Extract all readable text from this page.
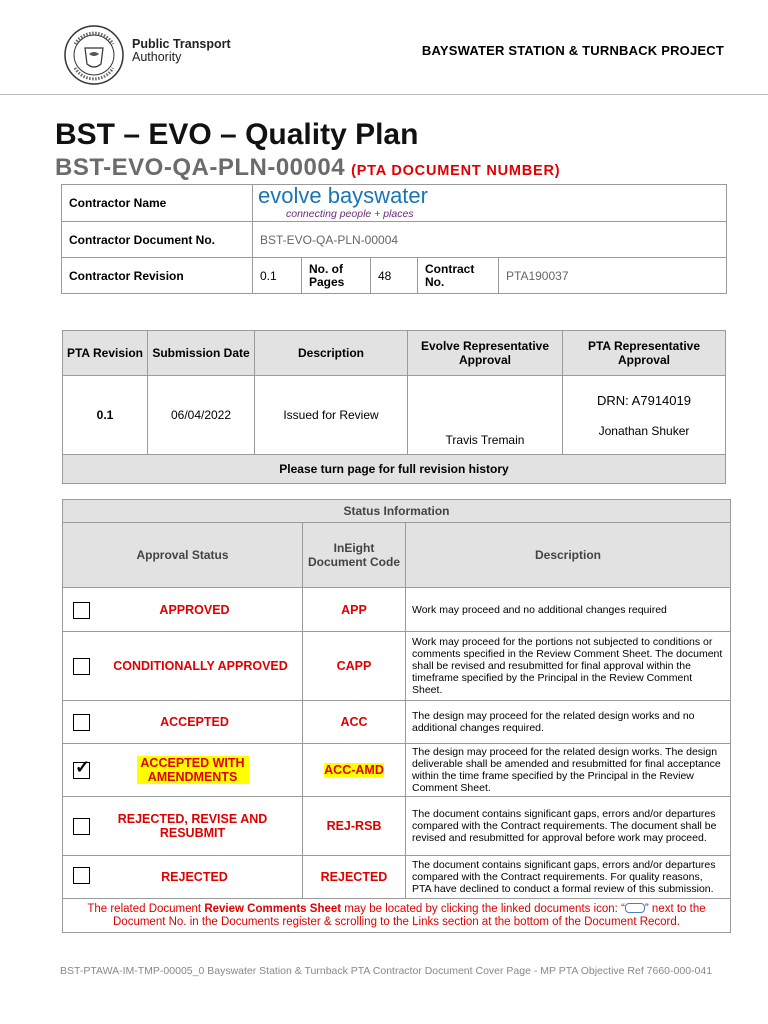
Public Transport
Authority	BAYSWATER STATION & TURNBACK PROJECT
BST – EVO – Quality Plan
BST-EVO-QA-PLN-00004 (PTA DOCUMENT NUMBER)
Contractor Name	evolve bayswater
connecting people + places				

Contractor Document No.	BST-EVO-QA-PLN-00004				
Contractor Revision	0.1	No. of Pages	48	Contract No.	PTA190037
PTA Revision	Submission Date	Description	Evolve Representative Approval	PTA Representative Approval
0.1	06/04/2022	Issued for Review	Travis Tremain	DRN: A7914019
Jonathan Shuker

Please turn page for full revision history				
Status Information		
Approval Status	InEight Document Code	Description

APPROVED	APP	Work may proceed and no additional changes required

CONDITIONALLY APPROVED	CAPP	Work may proceed for the portions not subjected to conditions or comments specified in the Review Comment Sheet. The document shall be revised and resubmitted for final approval within the timeframe specified by the Principal in the Review Comment Sheet.

ACCEPTED	ACC	The design may proceed for the related design works and no additional changes required.

✓ ACCEPTED WITH AMENDMENTS	ACC-AMD	The design may proceed for the related design works. The design deliverable shall be amended and resubmitted for final acceptance within the time frame specified by the Principal in the Review Comment Sheet.

REJECTED, REVISE AND RESUBMIT	REJ-RSB	The document contains significant gaps, errors and/or departures compared with the Contract requirements. The document shall be revised and resubmitted for approval before work may proceed.

REJECTED	REJECTED	The document contains significant gaps, errors and/or departures compared with the Contract requirements. For quality reasons, PTA have declined to conduct a formal review of this submission.
The related Document Review Comments Sheet may be located by clicking the linked documents icon: “ ” next to the Document No. in the Documents register & scrolling to the Links section at the bottom of the Document Record.		
BST-PTAWA-IM-TMP-00005_0 Bayswater Station & Turnback PTA Contractor Document Cover Page - MP PTA Objective Ref 7660-000-041
